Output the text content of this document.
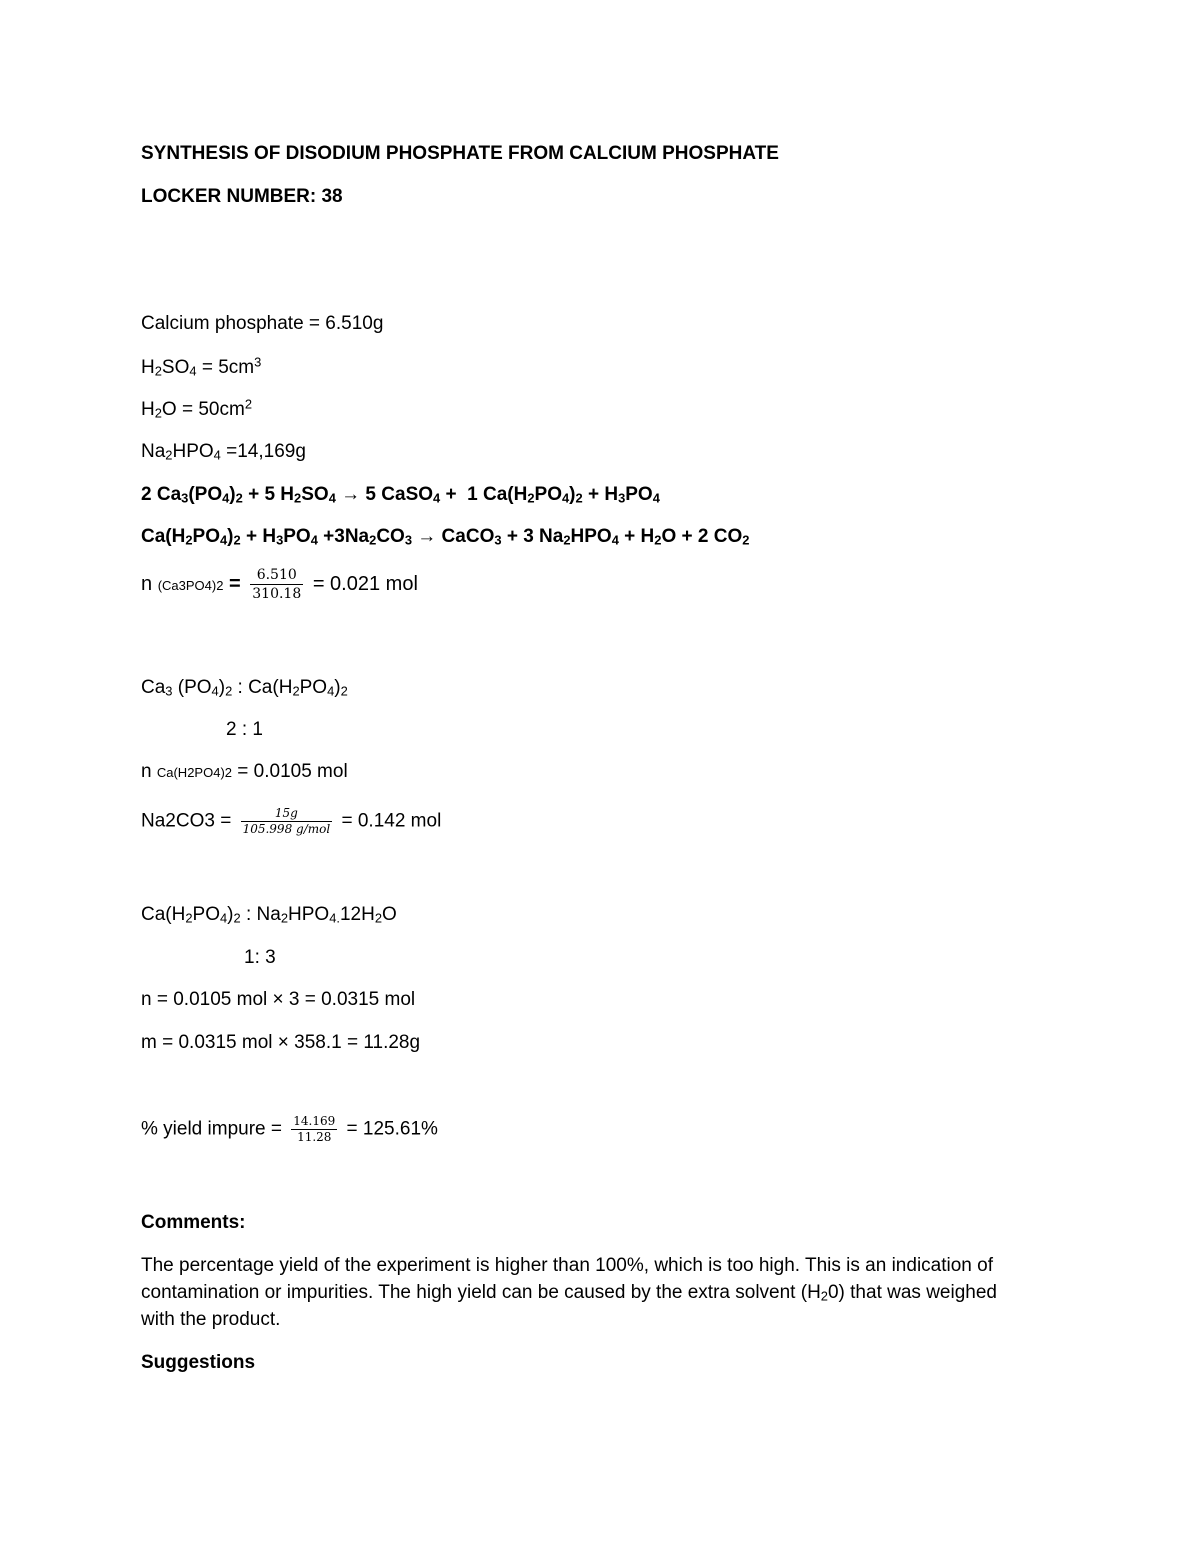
SYNTHESIS OF DISODIUM PHOSPHATE FROM CALCIUM PHOSPHATE
LOCKER NUMBER: 38
Calcium phosphate = 6.510g
$H_2SO_4 = 5cm^3$
$H_2O = 50cm^2$
$Na_2HPO_4 =14,169g$
2 $Ca_3(PO_4)_2 + 5$ $H_2SO_4 \to 5$ CaSO$_4$ +  1 $Ca(H_2PO_4)_2 + H_3PO_4$
$Ca(H_2PO_4)_2 + H_3PO_4 +3Na_2CO_3$ → CaCO$_3$ + 3 $Na_2HPO_4 + H_2O + 2$ $CO_2$
n $(Ca3PO4)2 = \frac{6.510}{310.18} = 0.021$ mol
$Ca_3$ $(PO_4)_2$ : $Ca(H_2PO_4)_2$
2 : 1
n Ca(H2PO4)2 = 0.0105 mol
$Na2CO3 = \frac{15g}{\text{105.998 g/mol}} = 0.142$ mol
$Ca(H_2PO_4)_2$ : $Na_2HPO_{4.}12H_2O$
1: 3
n = 0.0105 mol × 3 = 0.0315 mol
m = 0.0315 mol × 358.1 = 11.28g
% yield impure = $\frac{14.169}{11.28} = 125.61\%$
Comments:
The percentage yield of the experiment is higher than 100%, which is too high. This is an indication of contamination or impurities. The high yield can be caused by the extra solvent $(H_20)$ that was weighed with the product.
Suggestions
